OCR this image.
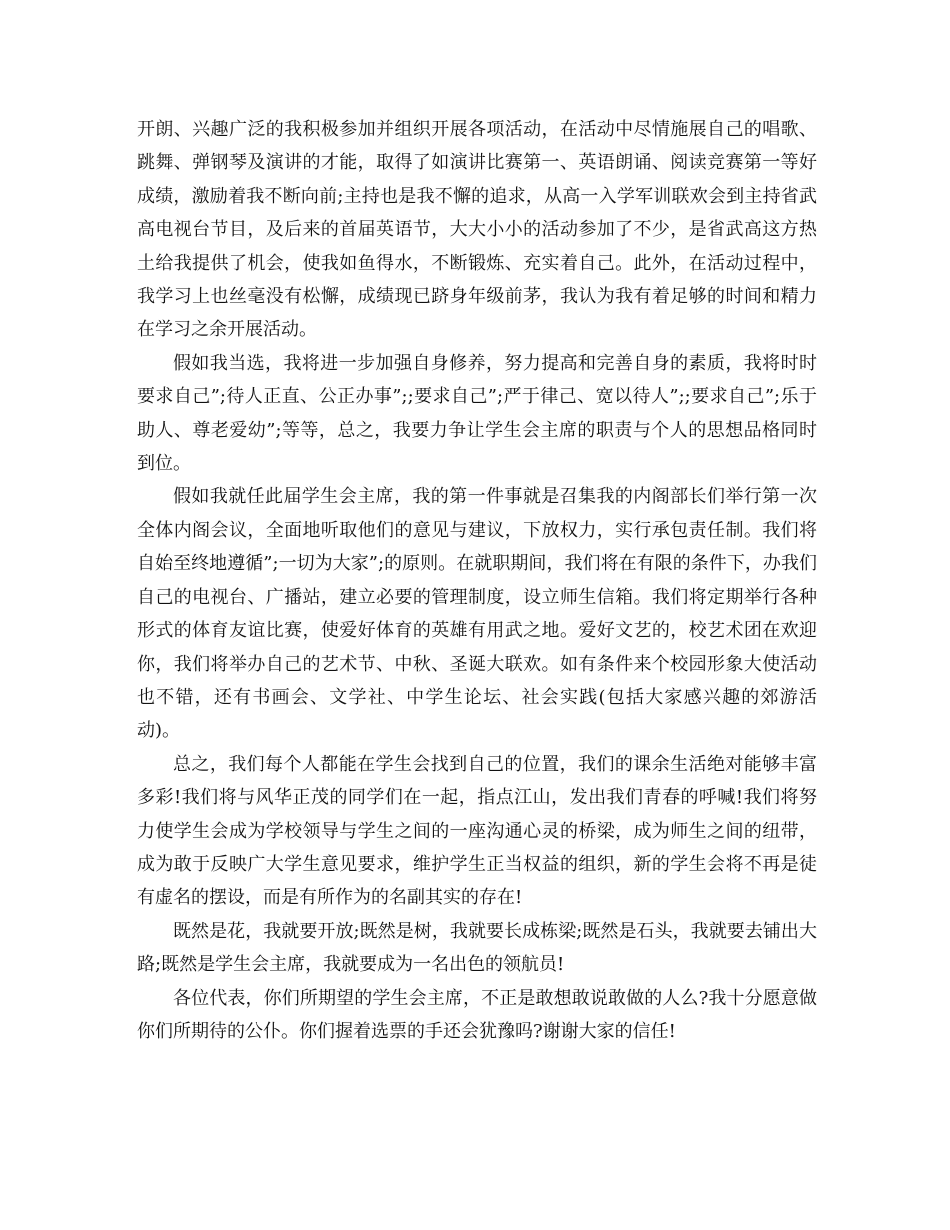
开朗、兴趣广泛的我积极参加并组织开展各项活动，在活动中尽情施展自己的唱歌、跳舞、弹钢琴及演讲的才能，取得了如演讲比赛第一、英语朗诵、阅读竞赛第一等好成绩，激励着我不断向前;主持也是我不懈的追求，从高一入学军训联欢会到主持省武高电视台节目，及后来的首届英语节，大大小小的活动参加了不少，是省武高这方热土给我提供了机会，使我如鱼得水，不断锻炼、充实着自己。此外，在活动过程中，我学习上也丝毫没有松懈，成绩现已跻身年级前茅，我认为我有着足够的时间和精力在学习之余开展活动。

假如我当选，我将进一步加强自身修养，努力提高和完善自身的素质，我将时时要求自己”;待人正直、公正办事”;;要求自己”;严于律己、宽以待人”;;要求自己”;乐于助人、尊老爱幼”;等等，总之，我要力争让学生会主席的职责与个人的思想品格同时到位。

假如我就任此届学生会主席，我的第一件事就是召集我的内阁部长们举行第一次全体内阁会议，全面地听取他们的意见与建议，下放权力，实行承包责任制。我们将自始至终地遵循”;一切为大家”;的原则。在就职期间，我们将在有限的条件下，办我们自己的电视台、广播站，建立必要的管理制度，设立师生信箱。我们将定期举行各种形式的体育友谊比赛，使爱好体育的英雄有用武之地。爱好文艺的，校艺术团在欢迎你，我们将举办自己的艺术节、中秋、圣诞大联欢。如有条件来个校园形象大使活动也不错，还有书画会、文学社、中学生论坛、社会实践(包括大家感兴趣的郊游活动)。

总之，我们每个人都能在学生会找到自己的位置，我们的课余生活绝对能够丰富多彩!我们将与风华正茂的同学们在一起，指点江山，发出我们青春的呼喊!我们将努力使学生会成为学校领导与学生之间的一座沟通心灵的桥梁，成为师生之间的纽带，成为敢于反映广大学生意见要求，维护学生正当权益的组织，新的学生会将不再是徒有虚名的摆设，而是有所作为的名副其实的存在!

既然是花，我就要开放;既然是树，我就要长成栋梁;既然是石头，我就要去铺出大路;既然是学生会主席，我就要成为一名出色的领航员!

各位代表，你们所期望的学生会主席，不正是敢想敢说敢做的人么?我十分愿意做你们所期待的公仆。你们握着选票的手还会犹豫吗?谢谢大家的信任!
